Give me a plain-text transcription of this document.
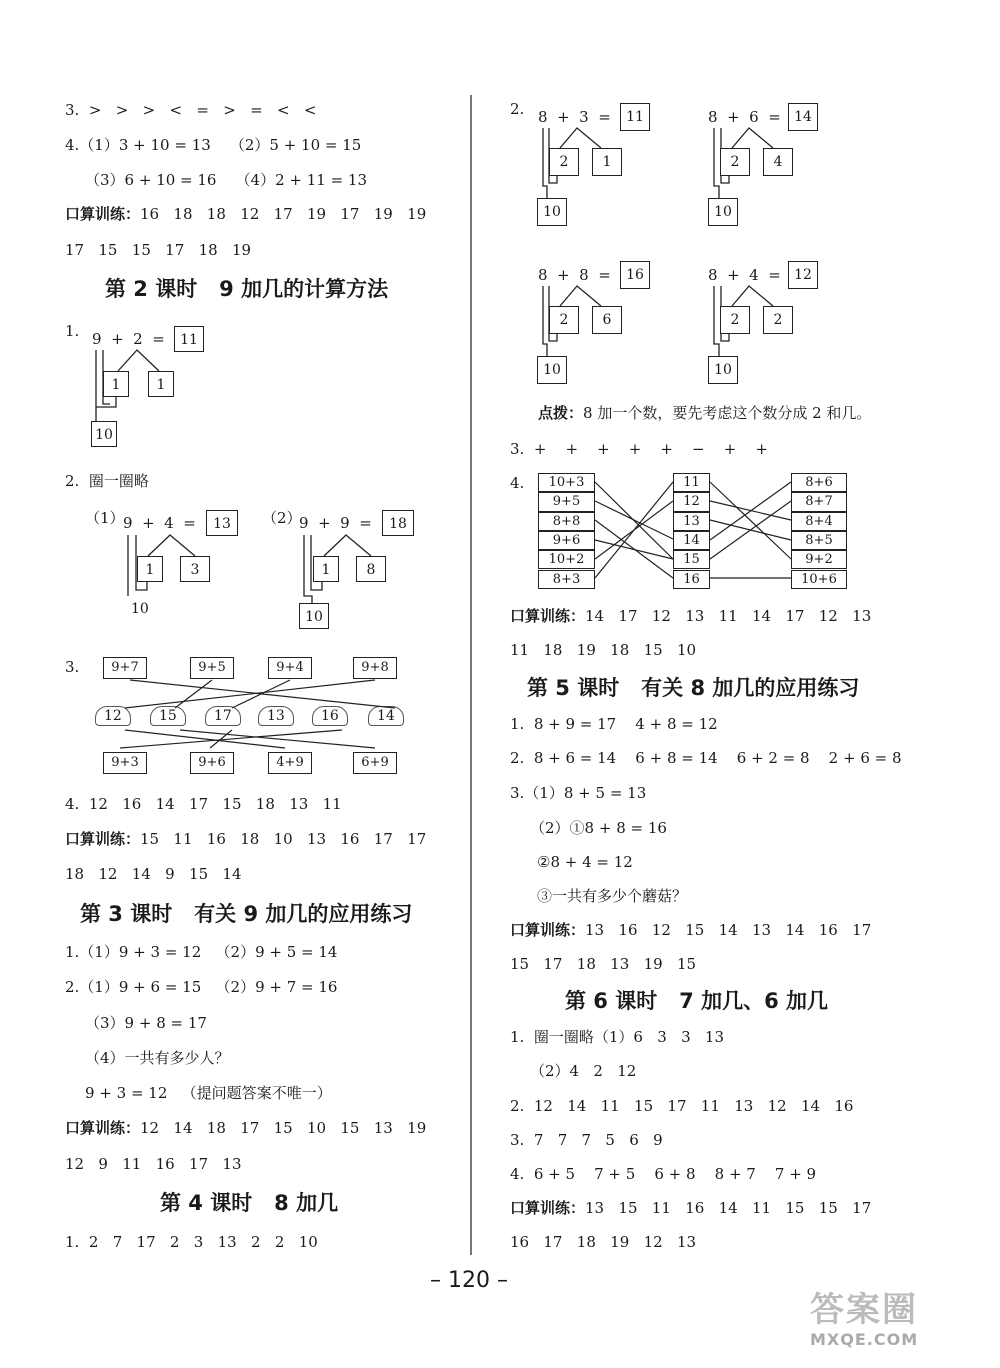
3.  >   >   >   <   =   >   =   <   <
4.（1）3 + 10 = 13    （2）5 + 10 = 15
（3）6 + 10 = 16    （4）2 + 11 = 13
口算训练：16   18   18   12   17   19   17   19   19
17   15   15   17   18   19
第 2 课时   9 加几的计算方法
1. 9  +  2  =	11
1	1
10
2.  圈一圈略
（1）
9  +  4  =	13
1	3
10
（2）
9  +  9  =	18
1	8
10
3.	9+7	9+5	9+4	9+8
12	15	17	13	16	14
9+3	9+6	4+9	6+9
4.  12   16   14   17   15   18   13   11
口算训练：15   11   16   18   10   13   16   17   17
18   12   14   9   15   14
第 3 课时   有关 9 加几的应用练习
1.（1）9 + 3 = 12   （2）9 + 5 = 14
2.（1）9 + 6 = 15   （2）9 + 7 = 16
（3）9 + 8 = 17
（4）一共有多少人？
9 + 3 = 12   （提问题答案不唯一）
口算训练：12   14   18   17   15   10   15   13   19
12   9   11   16   17   13
第 4 课时   8 加几
1.  2   7   17   2   3   13   2   2   10
2. 8  +  3  =	11
2	1
10
8  +  6  = 14
2	4
10
8  +  8  =	16
2	6
10
8  +  4  = 12
2	2
10
点拨：8 加一个数，要先考虑这个数分成 2 和几。
3.  +    +    +    +    +    −    +    +
4.	10+3
9+5
8+8
9+6
10+2
8+3
11
12
13
14
15
16
8+6
8+7
8+4
8+5
9+2
10+6
口算训练：14   17   12   13   11   14   17   12   13
11   18   19   18   15   10
第 5 课时   有关 8 加几的应用练习
1.  8 + 9 = 17    4 + 8 = 12
2.  8 + 6 = 14    6 + 8 = 14    6 + 2 = 8    2 + 6 = 8
3.（1）8 + 5 = 13
（2）①8 + 8 = 16
②8 + 4 = 12
③一共有多少个蘑菇？
口算训练：13   16   12   15   14   13   14   16   17
15   17   18   13   19   15
第 6 课时   7 加几、6 加几
1.  圈一圈略（1）6   3   3   13
（2）4   2   12
2.  12   14   11   15   17   11   13   12   14   16
3.  7   7   7   5   6   9
4.  6 + 5    7 + 5    6 + 8    8 + 7    7 + 9
口算训练：13   15   11   16   14   11   15   15   17
16   17   18   19   12   13
– 120 –
答案圈
MXQE.COM
